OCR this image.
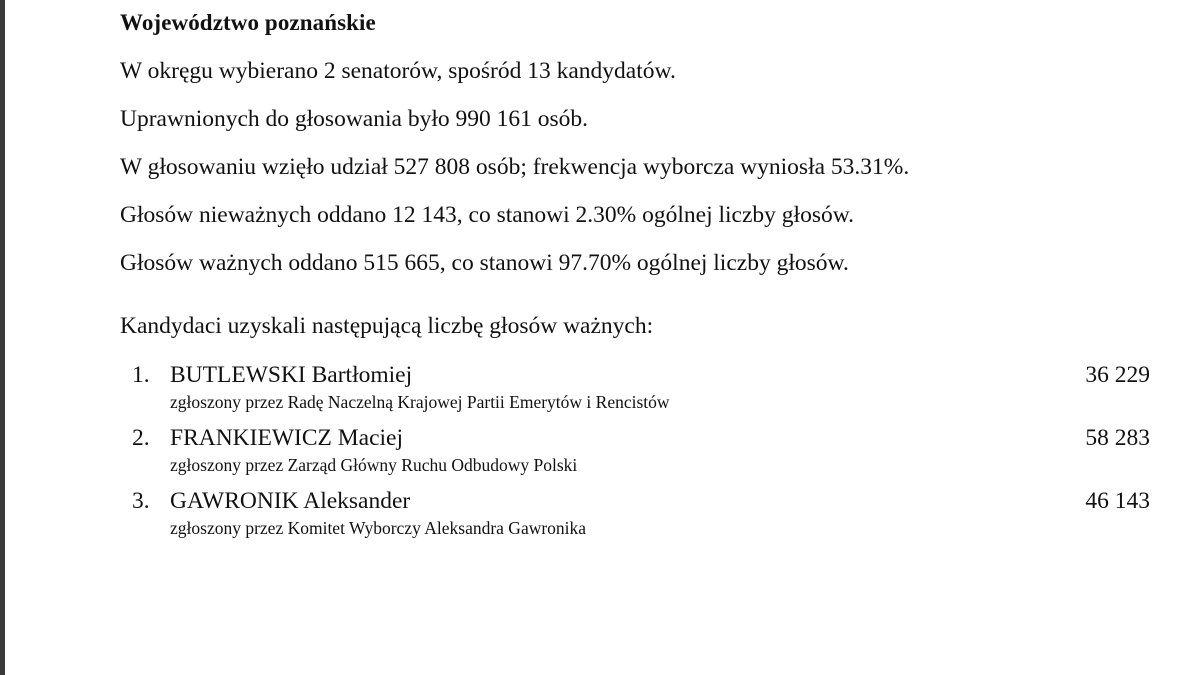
Województwo poznańskie
W okręgu wybierano 2 senatorów, spośród 13 kandydatów.
Uprawnionych do głosowania było 990 161 osób.
W głosowaniu wzięło udział 527 808 osób; frekwencja wyborcza wyniosła 53.31%.
Głosów nieważnych oddano 12 143, co stanowi 2.30% ogólnej liczby głosów.
Głosów ważnych oddano 515 665, co stanowi 97.70% ogólnej liczby głosów.
Kandydaci uzyskali następującą liczbę głosów ważnych:
1. BUTLEWSKI Bartłomiej	36 229
zgłoszony przez Radę Naczelną Krajowej Partii Emerytów i Rencistów
2. FRANKIEWICZ Maciej	58 283
zgłoszony przez Zarząd Główny Ruchu Odbudowy Polski
3. GAWRONIK Aleksander	46 143
zgłoszony przez Komitet Wyborczy Aleksandra Gawronika
